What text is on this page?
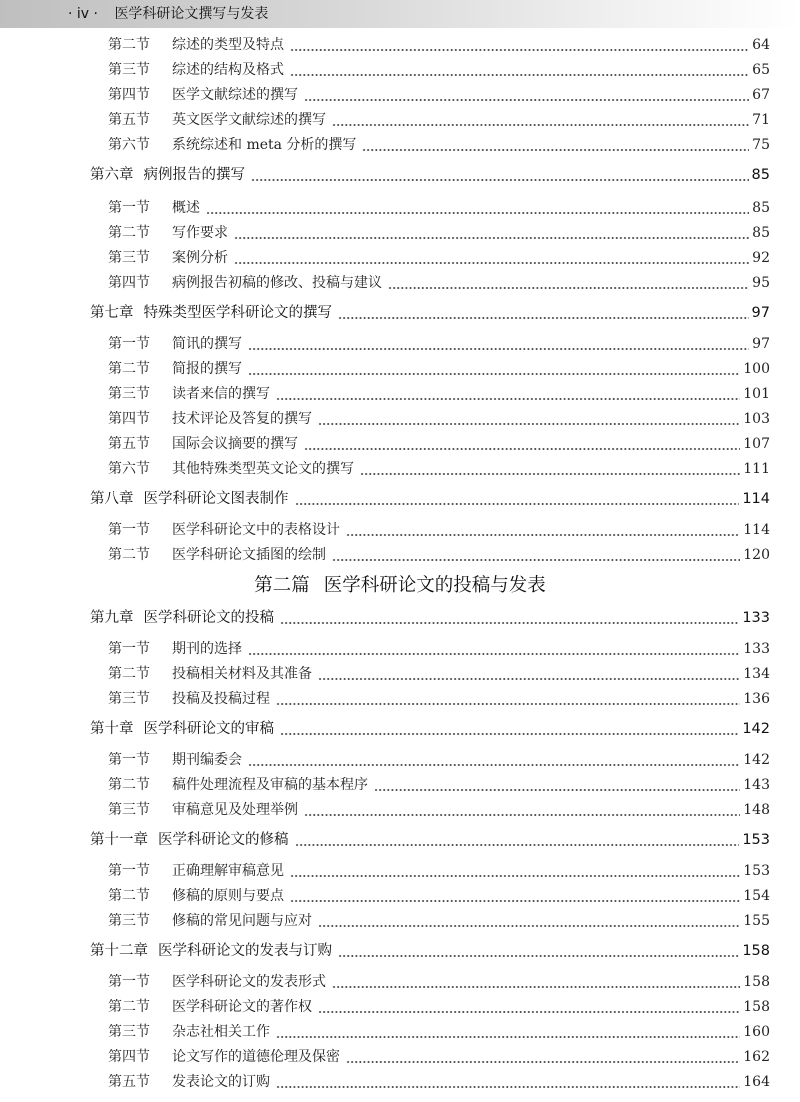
· iv · 医学科研论文撰写与发表
第二节	综述的类型及特点	64
第三节	综述的结构及格式	65
第四节	医学文献综述的撰写	67
第五节	英文医学文献综述的撰写	71
第六节	系统综述和 meta 分析的撰写	75
第六章 病例报告的撰写	85
第一节	概述	85
第二节	写作要求	85
第三节	案例分析	92
第四节	病例报告初稿的修改、投稿与建议	95
第七章 特殊类型医学科研论文的撰写	97
第一节	简讯的撰写	97
第二节	简报的撰写	100
第三节	读者来信的撰写	101
第四节	技术评论及答复的撰写	103
第五节	国际会议摘要的撰写	107
第六节	其他特殊类型英文论文的撰写	111
第八章 医学科研论文图表制作	114
第一节	医学科研论文中的表格设计	114
第二节	医学科研论文插图的绘制	120
第二篇 医学科研论文的投稿与发表
第九章 医学科研论文的投稿	133
第一节	期刊的选择	133
第二节	投稿相关材料及其准备	134
第三节	投稿及投稿过程	136
第十章 医学科研论文的审稿	142
第一节	期刊编委会	142
第二节	稿件处理流程及审稿的基本程序	143
第三节	审稿意见及处理举例	148
第十一章 医学科研论文的修稿	153
第一节	正确理解审稿意见	153
第二节	修稿的原则与要点	154
第三节	修稿的常见问题与应对	155
第十二章 医学科研论文的发表与订购	158
第一节	医学科研论文的发表形式	158
第二节	医学科研论文的著作权	158
第三节	杂志社相关工作	160
第四节	论文写作的道德伦理及保密	162
第五节	发表论文的订购	164
